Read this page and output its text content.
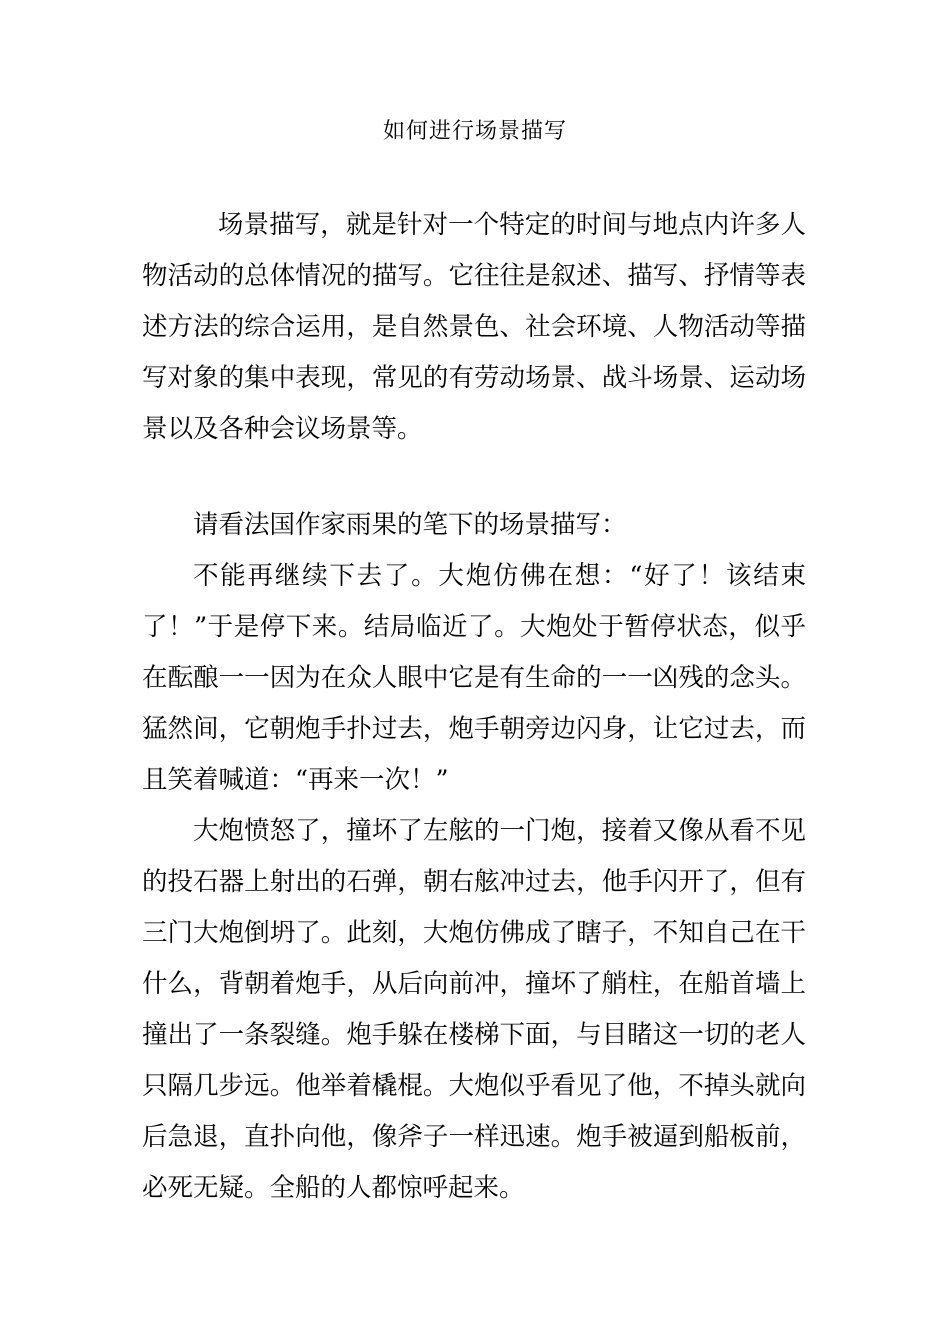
如何进行场景描写

场景描写，就是针对一个特定的时间与地点内许多人物活动的总体情况的描写。它往往是叙述、描写、抒情等表述方法的综合运用，是自然景色、社会环境、人物活动等描写对象的集中表现，常见的有劳动场景、战斗场景、运动场景以及各种会议场景等。

请看法国作家雨果的笔下的场景描写：

不能再继续下去了。大炮仿佛在想：“好了！该结束了！”于是停下来。结局临近了。大炮处于暂停状态，似乎在酝酿一一因为在众人眼中它是有生命的一一凶残的念头。猛然间，它朝炮手扑过去，炮手朝旁边闪身，让它过去，而且笑着喊道：“再来一次！”

大炮愤怒了，撞坏了左舷的一门炮，接着又像从看不见的投石器上射出的石弹，朝右舷冲过去，他手闪开了，但有三门大炮倒坍了。此刻，大炮仿佛成了瞎子，不知自己在干什么，背朝着炮手，从后向前冲，撞坏了艄柱，在船首墙上撞出了一条裂缝。炮手躲在楼梯下面，与目睹这一切的老人只隔几步远。他举着橇棍。大炮似乎看见了他，不掉头就向后急退，直扑向他，像斧子一样迅速。炮手被逼到船板前，必死无疑。全船的人都惊呼起来。
